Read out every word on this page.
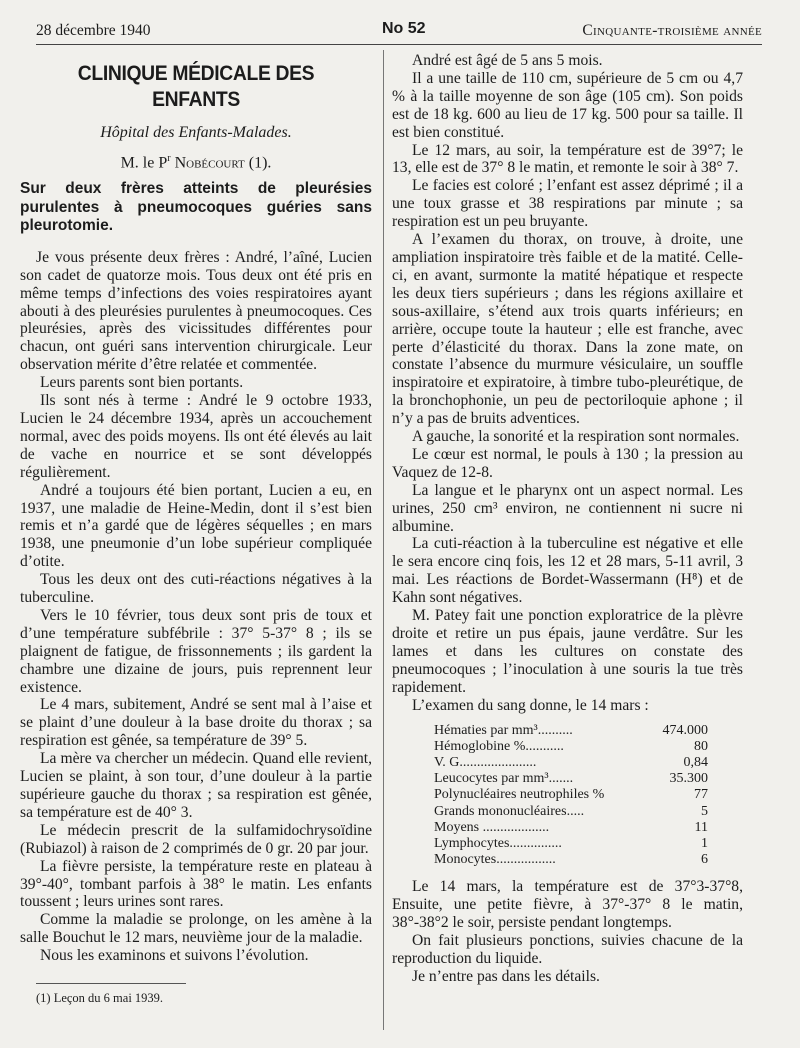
28 décembre 1940	No 52	Cinquante-troisième année
CLINIQUE MÉDICALE DES ENFANTS
Hôpital des Enfants-Malades.
M. le $P^r$ Nobécourt (1).
Sur deux frères atteints de pleurésies purulentes à pneumocoques guéries sans pleurotomie.

Je vous présente deux frères : André, l’aîné, Lucien son cadet de quatorze mois. Tous deux ont été pris en même temps d’infections des voies respiratoires ayant abouti à des pleurésies purulentes à pneumocoques. Ces pleurésies, après des vicissitudes différentes pour chacun, ont guéri sans intervention chirurgicale. Leur observation mérite d’être relatée et commentée.

Leurs parents sont bien portants.

Ils sont nés à terme : André le 9 octobre 1933, Lucien le 24 décembre 1934, après un accouchement normal, avec des poids moyens. Ils ont été élevés au lait de vache en nourrice et se sont développés régulièrement.

André a toujours été bien portant, Lucien a eu, en 1937, une maladie de Heine-Medin, dont il s’est bien remis et n’a gardé que de légères séquelles ; en mars 1938, une pneumonie d’un lobe supérieur compliquée d’otite.

Tous les deux ont des cuti-réactions négatives à la tuberculine.

Vers le 10 février, tous deux sont pris de toux et d’une température subfébrile : 37° 5-37° 8 ; ils se plaignent de fatigue, de frissonnements ; ils gardent la chambre une dizaine de jours, puis reprennent leur existence.

Le 4 mars, subitement, André se sent mal à l’aise et se plaint d’une douleur à la base droite du thorax ; sa respiration est gênée, sa température de 39° 5.

La mère va chercher un médecin. Quand elle revient, Lucien se plaint, à son tour, d’une douleur à la partie supérieure gauche du thorax ; sa respiration est gênée, sa température est de 40° 3.

Le médecin prescrit de la sulfamidochrysoïdine (Rubiazol) à raison de 2 comprimés de 0 gr. 20 par jour.

La fièvre persiste, la température reste en plateau à 39°-40°, tombant parfois à 38° le matin. Les enfants toussent ; leurs urines sont rares.

Comme la maladie se prolonge, on les amène à la salle Bouchut le 12 mars, neuvième jour de la maladie.

Nous les examinons et suivons l’évolution.

(1) Leçon du 6 mai 1939.

André est âgé de 5 ans 5 mois.

Il a une taille de 110 cm, supérieure de 5 cm ou 4,7 % à la taille moyenne de son âge (105 cm). Son poids est de 18 kg. 600 au lieu de 17 kg. 500 pour sa taille. Il est bien constitué.

Le 12 mars, au soir, la température est de 39°7; le 13, elle est de 37° 8 le matin, et remonte le soir à 38° 7.

Le facies est coloré ; l’enfant est assez déprimé ; il a une toux grasse et 38 respirations par minute ; sa respiration est un peu bruyante.

A l’examen du thorax, on trouve, à droite, une ampliation inspiratoire très faible et de la matité. Celle-ci, en avant, surmonte la matité hépatique et respecte les deux tiers supérieurs ; dans les régions axillaire et sous-axillaire, s’étend aux trois quarts inférieurs; en arrière, occupe toute la hauteur ; elle est franche, avec perte d’élasticité du thorax. Dans la zone mate, on constate l’absence du murmure vésiculaire, un souffle inspiratoire et expiratoire, à timbre tubo-pleurétique, de la bronchophonie, un peu de pectoriloquie aphone ; il n’y a pas de bruits adventices.

A gauche, la sonorité et la respiration sont normales.

Le cœur est normal, le pouls à 130 ; la pression au Vaquez de 12-8.

La langue et le pharynx ont un aspect normal. Les urines, 250 cm³ environ, ne contiennent ni sucre ni albumine.

La cuti-réaction à la tuberculine est négative et elle le sera encore cinq fois, les 12 et 28 mars, 5-11 avril, 3 mai. Les réactions de Bordet-Wassermann (H⁸) et de Kahn sont négatives.

M. Patey fait une ponction exploratrice de la plèvre droite et retire un pus épais, jaune verdâtre. Sur les lames et dans les cultures on constate des pneumocoques ; l’inoculation à une souris la tue très rapidement.

L’examen du sang donne, le 14 mars :

Hématies par mm³..........	474.000
Hémoglobine %...........	80
V. G......................	0,84
Leucocytes par mm³.......	35.300
Polynucléaires neutrophiles %	77
Grands mononucléaires.....	5
Moyens ...................	11
Lymphocytes...............	1
Monocytes.................	6

Le 14 mars, la température est de 37°3-37°8, Ensuite, une petite fièvre, à 37°-37° 8 le matin, 38°-38°2 le soir, persiste pendant longtemps.

On fait plusieurs ponctions, suivies chacune de la reproduction du liquide.

Je n’entre pas dans les détails.
